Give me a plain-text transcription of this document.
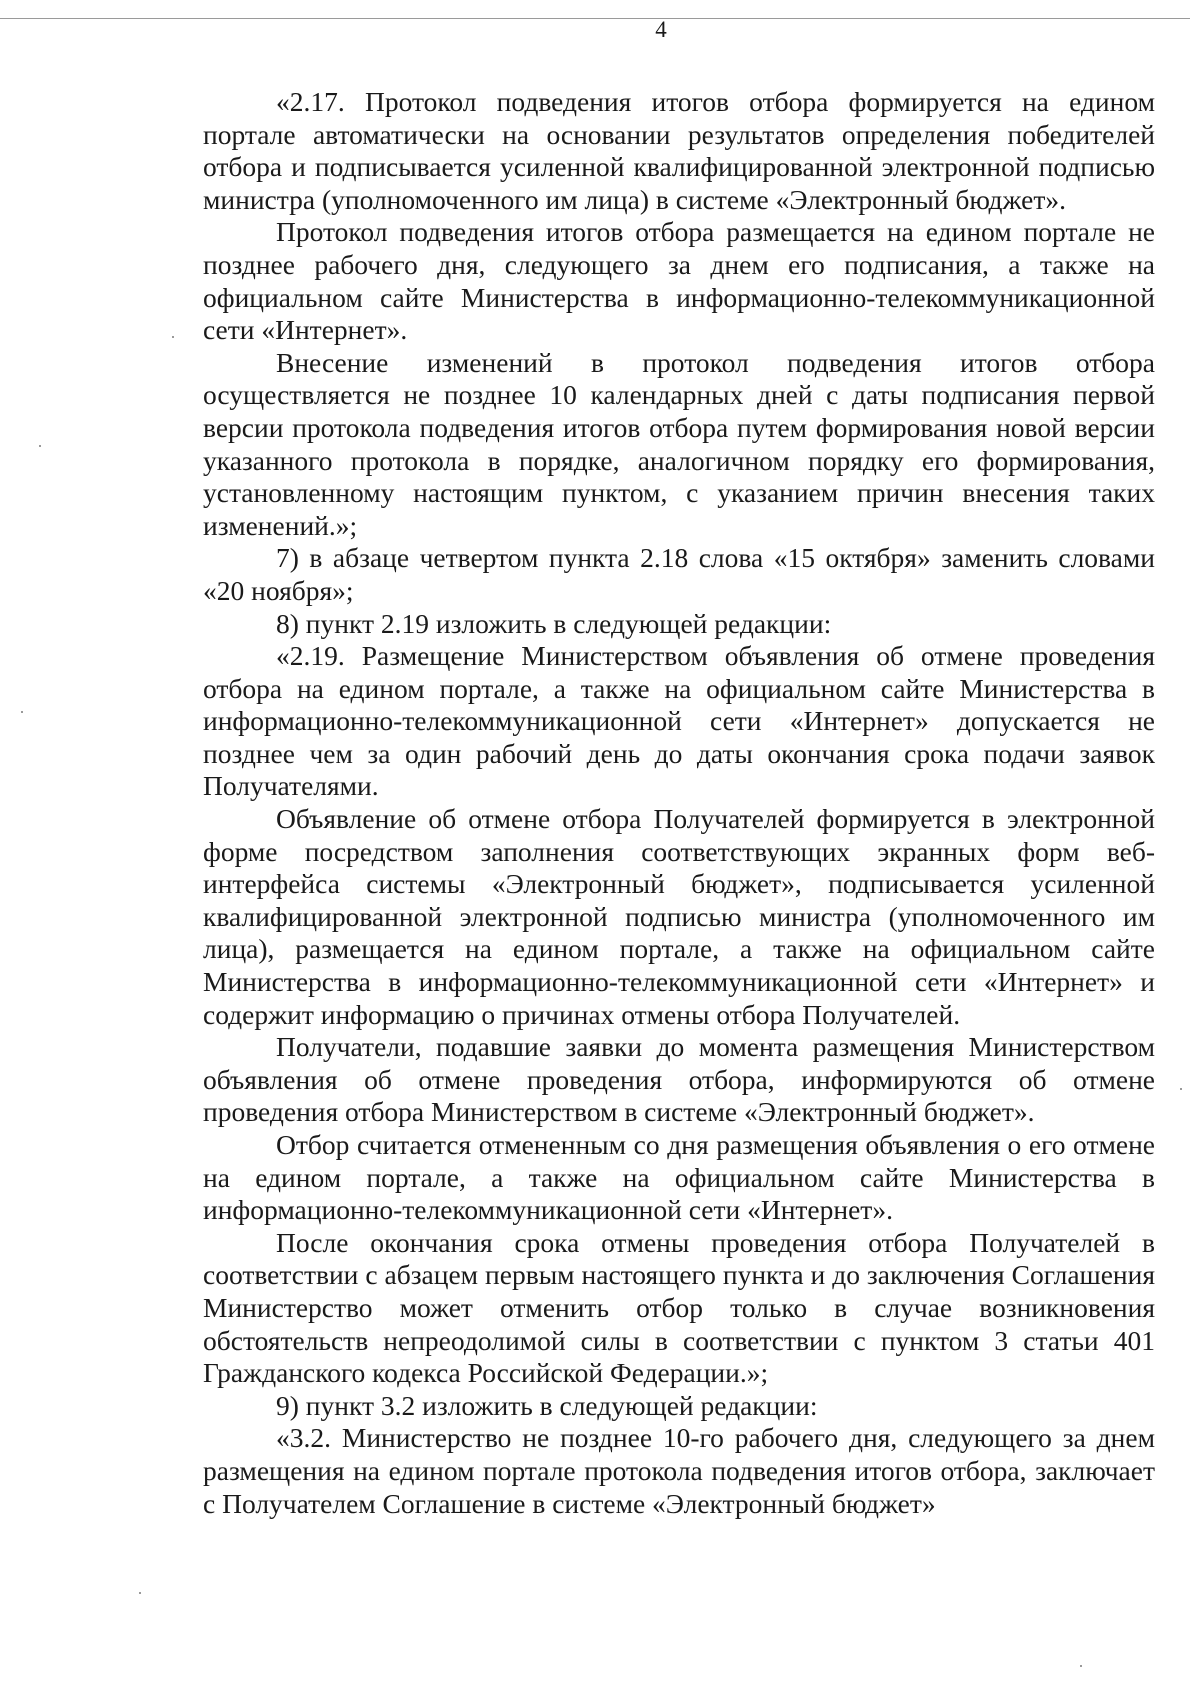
4

«2.17. Протокол подведения итогов отбора формируется на едином портале автоматически на основании результатов определения победителей отбора и подписывается усиленной квалифицированной электронной подписью министра (уполномоченного им лица) в системе «Электронный бюджет».

Протокол подведения итогов отбора размещается на едином портале не позднее рабочего дня, следующего за днем его подписания, а также на официальном сайте Министерства в информационно-телекоммуникационной сети «Интернет».

Внесение изменений в протокол подведения итогов отбора осуществляется не позднее 10 календарных дней с даты подписания первой версии протокола подведения итогов отбора путем формирования новой версии указанного протокола в порядке, аналогичном порядку его формирования, установленному настоящим пунктом, с указанием причин внесения таких изменений.»;

7) в абзаце четвертом пункта 2.18 слова «15 октября» заменить словами «20 ноября»;

8) пункт 2.19 изложить в следующей редакции:

«2.19. Размещение Министерством объявления об отмене проведения отбора на едином портале, а также на официальном сайте Министерства в информационно-телекоммуникационной сети «Интернет» допускается не позднее чем за один рабочий день до даты окончания срока подачи заявок Получателями.

Объявление об отмене отбора Получателей формируется в электронной форме посредством заполнения соответствующих экранных форм веб-интерфейса системы «Электронный бюджет», подписывается усиленной квалифицированной электронной подписью министра (уполномоченного им лица), размещается на едином портале, а также на официальном сайте Министерства в информационно-телекоммуникационной сети «Интернет» и содержит информацию о причинах отмены отбора Получателей.

Получатели, подавшие заявки до момента размещения Министерством объявления об отмене проведения отбора, информируются об отмене проведения отбора Министерством в системе «Электронный бюджет».

Отбор считается отмененным со дня размещения объявления о его отмене на едином портале, а также на официальном сайте Министерства в информационно-телекоммуникационной сети «Интернет».

После окончания срока отмены проведения отбора Получателей в соответствии с абзацем первым настоящего пункта и до заключения Соглашения Министерство может отменить отбор только в случае возникновения обстоятельств непреодолимой силы в соответствии с пунктом 3 статьи 401 Гражданского кодекса Российской Федерации.»;

9) пункт 3.2 изложить в следующей редакции:

«3.2. Министерство не позднее 10-го рабочего дня, следующего за днем размещения на едином портале протокола подведения итогов отбора, заключает с Получателем Соглашение в системе «Электронный бюджет»
